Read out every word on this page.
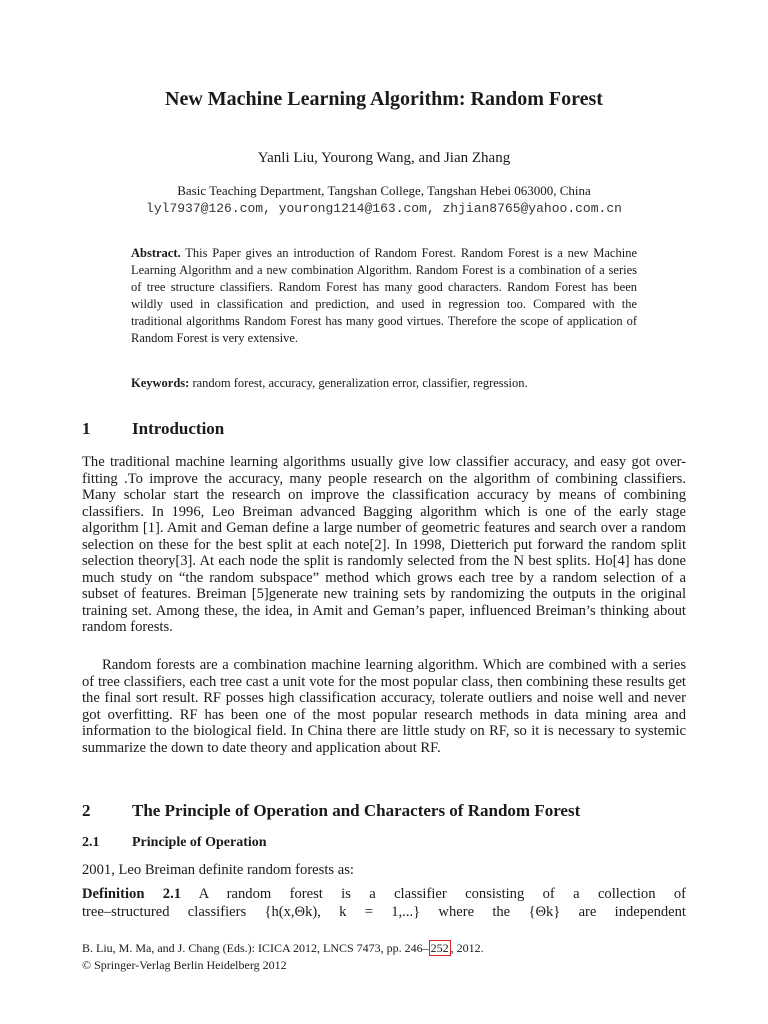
New Machine Learning Algorithm: Random Forest
Yanli Liu, Yourong Wang, and Jian Zhang
Basic Teaching Department, Tangshan College, Tangshan Hebei 063000, China
lyl7937@126.com, yourong1214@163.com, zhjian8765@yahoo.com.cn

Abstract. This Paper gives an introduction of Random Forest. Random Forest is a new Machine Learning Algorithm and a new combination Algorithm. Random Forest is a combination of a series of tree structure classifiers. Random Forest has many good characters. Random Forest has been wildly used in classification and prediction, and used in regression too. Compared with the traditional algorithms Random Forest has many good virtues. Therefore the scope of application of Random Forest is very extensive.

Keywords: random forest, accuracy, generalization error, classifier, regression.

1 Introduction

The traditional machine learning algorithms usually give low classifier accuracy, and easy got over-fitting .To improve the accuracy, many people research on the algorithm of combining classifiers. Many scholar start the research on improve the classification accuracy by means of combining classifiers. In 1996, Leo Breiman advanced Bagging algorithm which is one of the early stage algorithm [1]. Amit and Geman define a large number of geometric features and search over a random selection on these for the best split at each note[2]. In 1998, Dietterich put forward the random split selection theory[3]. At each node the split is randomly selected from the N best splits. Ho[4] has done much study on “the random subspace” method which grows each tree by a random selection of a subset of features. Breiman [5]generate new training sets by randomizing the outputs in the original training set. Among these, the idea, in Amit and Geman’s paper, influenced Breiman’s thinking about random forests.

Random forests are a combination machine learning algorithm. Which are combined with a series of tree classifiers, each tree cast a unit vote for the most popular class, then combining these results get the final sort result. RF posses high classification accuracy, tolerate outliers and noise well and never got overfitting. RF has been one of the most popular research methods in data mining area and information to the biological field. In China there are little study on RF, so it is necessary to systemic summarize the down to date theory and application about RF.

2 The Principle of Operation and Characters of Random Forest
2.1 Principle of Operation

2001, Leo Breiman definite random forests as:

Definition 2.1 A random forest is a classifier consisting of a collection of

tree–structured classifiers {h(x,Θk), k = 1,...} where the {Θk} are independent

B. Liu, M. Ma, and J. Chang (Eds.): ICICA 2012, LNCS 7473, pp. 246– 252 , 2012.
© Springer-Verlag Berlin Heidelberg 2012
